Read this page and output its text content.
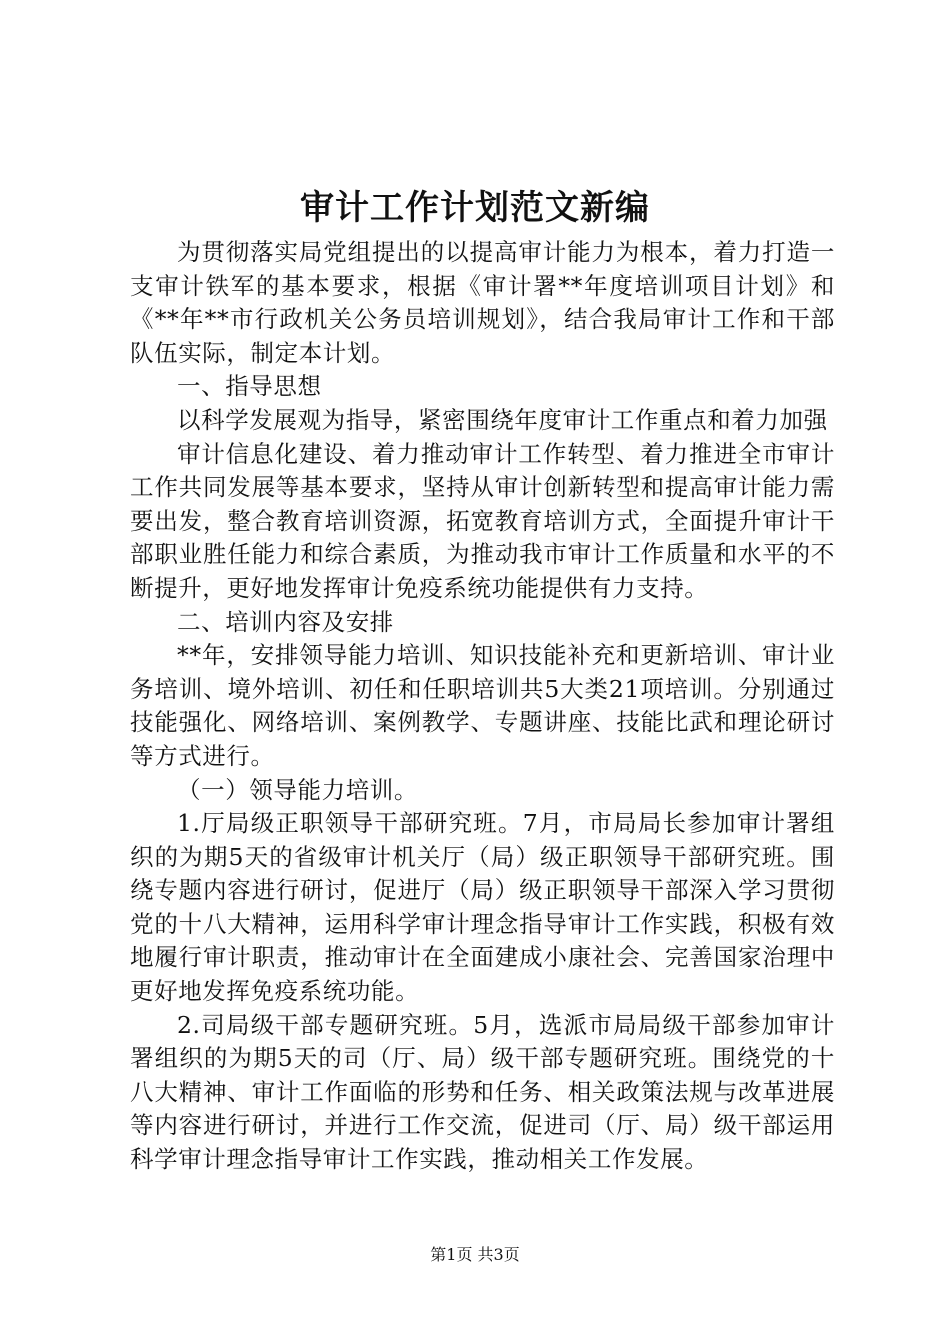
审计工作计划范文新编

为贯彻落实局党组提出的以提高审计能力为根本，着力打造一支审计铁军的基本要求，根据《审计署**年度培训项目计划》和《**年**市行政机关公务员培训规划》，结合我局审计工作和干部队伍实际，制定本计划。

一、指导思想

以科学发展观为指导，紧密围绕年度审计工作重点和着力加强

审计信息化建设、着力推动审计工作转型、着力推进全市审计工作共同发展等基本要求，坚持从审计创新转型和提高审计能力需要出发，整合教育培训资源，拓宽教育培训方式，全面提升审计干部职业胜任能力和综合素质，为推动我市审计工作质量和水平的不断提升，更好地发挥审计免疫系统功能提供有力支持。

二、培训内容及安排

**年，安排领导能力培训、知识技能补充和更新培训、审计业务培训、境外培训、初任和任职培训共5大类21项培训。分别通过技能强化、网络培训、案例教学、专题讲座、技能比武和理论研讨等方式进行。

（一）领导能力培训。

1.厅局级正职领导干部研究班。7月，市局局长参加审计署组织的为期5天的省级审计机关厅（局）级正职领导干部研究班。围绕专题内容进行研讨，促进厅（局）级正职领导干部深入学习贯彻党的十八大精神，运用科学审计理念指导审计工作实践，积极有效地履行审计职责，推动审计在全面建成小康社会、完善国家治理中更好地发挥免疫系统功能。

2.司局级干部专题研究班。5月，选派市局局级干部参加审计署组织的为期5天的司（厅、局）级干部专题研究班。围绕党的十八大精神、审计工作面临的形势和任务、相关政策法规与改革进展等内容进行研讨，并进行工作交流，促进司（厅、局）级干部运用科学审计理念指导审计工作实践，推动相关工作发展。

第1页 共3页
